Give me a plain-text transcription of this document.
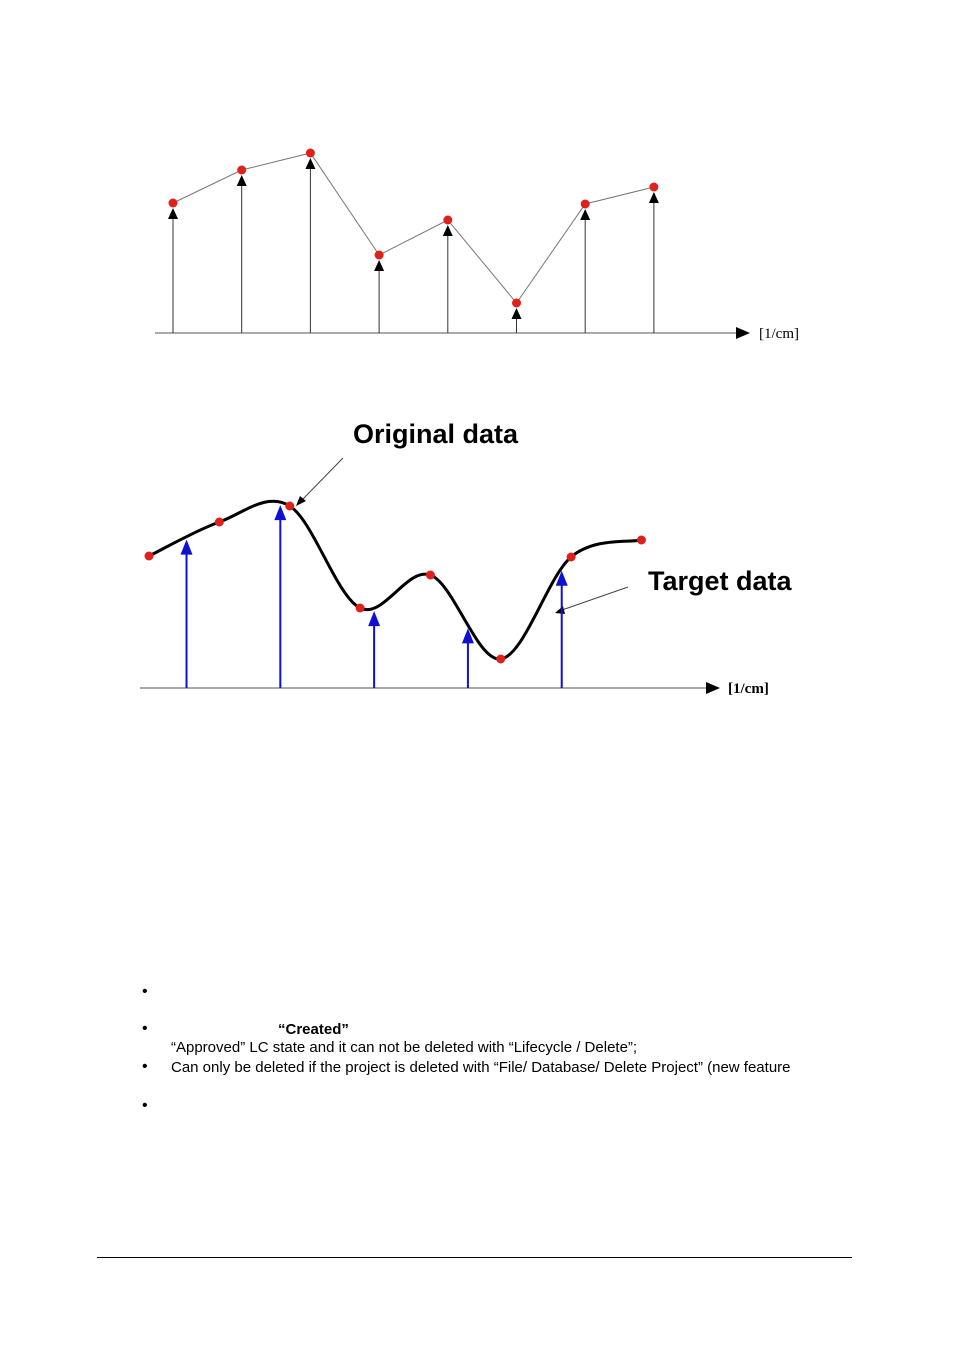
[1/cm]
Original data
Target data
[1/cm]
•
•	“Created”
“Approved” LC state and it can not be deleted with “Lifecycle / Delete”;
• Can only be deleted if the project is deleted with “File/ Database/ Delete Project” (new feature
•
